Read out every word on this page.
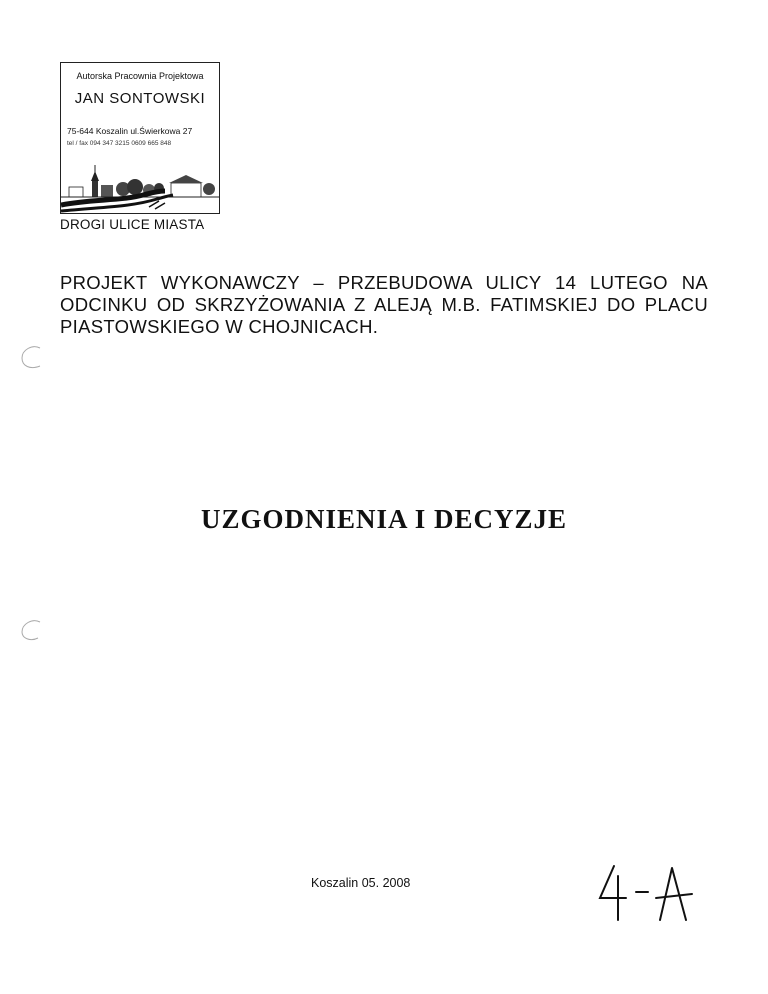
Autorska Pracownia Projektowa
JAN SONTOWSKI
75-644 Koszalin ul.Świerkowa 27
tel / fax 094 347 3215 0609 665 848
DROGI ULICE MIASTA
PROJEKT WYKONAWCZY – PRZEBUDOWA ULICY 14 LUTEGO NA ODCINKU OD SKRZYŻOWANIA Z ALEJĄ M.B. FATIMSKIEJ DO PLACU PIASTOWSKIEGO W CHOJNICACH.
UZGODNIENIA I DECYZJE
Koszalin 05. 2008
